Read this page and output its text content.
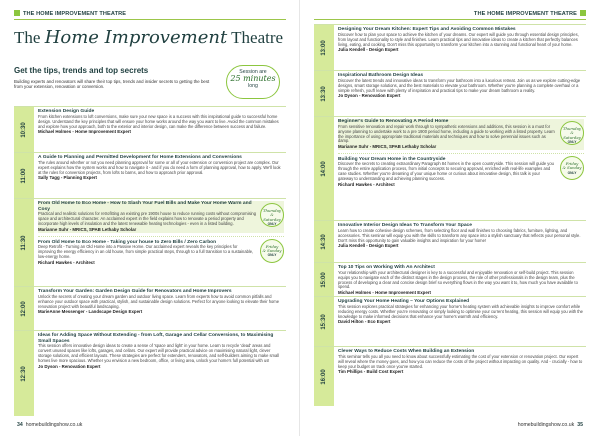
THE HOME IMPROVEMENT THEATRE
The Home Improvement Theatre
Get the tips, trends and top secrets
Building experts and renovators will share their top tips, trends and insider secrets to getting the best from your extension, renovation or conversion.
Session are
25 minutes
long
10:30
Extension Design Guide
From kitchen extensions to loft conversions, make sure your new space is a success with this inspirational guide to successful home design. Understand the key principles that will ensure your home works around the way you want to live. Avoid the common mistakes and explore how your approach, both to the exterior and interior design, can make the difference between success and failure.
Michael Holmes - Home Improvement Expert
11:00
A Guide to Planning and Permitted Development for Home Extensions and Conversions
The rules around whether or not you need planning approval for some or all of your extension or conversion project are complex. Our expert explains how the system works and how to navigate it - and if you do need a form of planning approval, how to apply. We'll look at the rules for conversion projects, from lofts to barns, and how to approach prior approval.
Sally Tagg - Planning Expert
11:30
From Old Home to Eco Home - How to Slash Your Fuel Bills and Make Your Home Warm and Cosy
Practical and realistic solutions for retrofitting an existing pre 1900s house to reduce running costs without compromising space and architectural character. An acclaimed expert in the field explains how to renovate a period property and incorporate high levels of insulation and the latest renewable heating technologies - even in a listed building.
Marianne Suhr - MRICS, SPAB Lethaby Scholar
Thursday
& Saturday
ONLY
From Old Home to Eco Home - Taking your house to Zero Bills / Zero Carbon
Deep Retrofit - Turning an Old Home into a Passive Home. Our acclaimed expert reveals the key principles for improving the energy efficiency in an old house, from simple practical steps, through to a full transition to a sustainable, low-energy home.
Richard Hawkes - Architect
Friday
& Sunday
ONLY
12:00
Transform Your Garden: Garden Design Guide for Renovators and Home Improvers
Unlock the secrets of creating your dream garden and outdoor living space. Learn from experts how to avoid common pitfalls and enhance your outdoor space with practical, stylish, and sustainable design solutions. Perfect for anyone looking to elevate their home renovation project with beautiful landscaping.
MarieAnne Messenger - Landscape Design Expert
12:30
Ideas for Adding Space Without Extending - from Loft, Garage and Cellar Conversions, to Maximising Small Spaces
This session offers innovative design ideas to create a sense of 'space and light' in your home. Learn to recycle 'dead' areas and convert unused spaces like lofts, garages, and cellars. Our expert will provide practical advice on maximising natural light, clever storage solutions, and efficient layouts. These strategies are perfect for extenders, renovators, and self-builders aiming to make small homes live more spacious. Whether you envision a new bedroom, office, or living area, unlock your home's full potential with us!
Jo Dyson - Renovation Expert
34 homebuildingshow.co.uk
THE HOME IMPROVEMENT THEATRE
13:00
Designing Your Dream Kitchen: Expert Tips and Avoiding Common Mistakes
Discover how to plan your space to achieve the kitchen of your dreams. Our expert will guide you through essential design principles, from layout and functionality to style and finishes. Learn practical tips and innovative ideas to create a kitchen that perfectly balances living, eating, and cooking. Don't miss this opportunity to transform your kitchen into a stunning and functional heart of your home.
Julia Kendell - Design Expert
13:30
Inspirational Bathroom Design Ideas
Discover the latest trends and innovative ideas to transform your bathroom into a luxurious retreat. Join us as we explore cutting-edge designs, smart storage solutions, and the best materials to elevate your bathroom. Whether you're planning a complete overhaul or a simple refresh, you'll leave with plenty of inspiration and practical tips to make your dream bathroom a reality.
Jo Dyson - Renovation Expert
14:00
Beginner's Guide to Renovating A Period Home
From sensitive renovation and repair work through to sympathetic extensions and additions, this session is a must for anyone planning to undertake work to a pre 1900 period home, including a guide to working with a listed property. Learn the importance of using appropriate traditional materials and techniques and how to solve perennial issues such as damp.
Marianne Suhr - MRICS, SPAB Lethaby Scholar
Thursday
& Saturday
ONLY
Building Your Dream Home in the Countryside
Discover the secrets to creating extraordinary Paragraph 84 homes in the open countryside. This session will guide you through the entire application process, from initial concepts to securing approval, enriched with real-life examples and case studies. Whether you're dreaming of your unique home or curious about innovative design, this talk is your gateway to understanding and achieving planning success.
Richard Hawkes - Architect
Friday
& Sunday
ONLY
14:30
Innovative Interior Design Ideas To Transform Your Space
Learn how to create cohesive design schemes, from selecting floor and wall finishes to choosing fabrics, furniture, lighting, and accessories. This seminar will equip you with the skills to transform any space into a stylish sanctuary that reflects your personal style. Don't miss this opportunity to gain valuable insights and inspiration for your home!
Julia Kendell - Design Expert
15:00
Top 10 Tips on Working With An Architect
Your relationship with your architectural designer is key to a successful and enjoyable renovation or self-build project. This session equips you to navigate each of the distinct stages in the design process, the role of other professionals in the design team, plus the process of developing a clear and concise design brief so everything flows in the way you want it to, how much you have available to spend.
Michael Holmes - Home Improvement Expert
15:30
Upgrading Your Home Heating – Your Options Explained
This session explores practical strategies for enhancing your home's heating system with achievable insights to improve comfort while reducing energy costs. Whether you're renovating or simply looking to optimise your current heating, this session will equip you with the knowledge to make informed decisions that enhance your home's warmth and efficiency.
David Hilton - Eco Expert
16:00
Clever Ways to Reduce Costs When Building an Extension
This seminar tells you all you need to know about successfully estimating the cost of your extension or renovation project. Our expert will reveal where the money goes, and how you can reduce the costs of the project without impacting on quality. And - crucially - how to keep your budget on track once you've started.
Tim Phillips - Build Cost Expert
homebuildingshow.co.uk 35
